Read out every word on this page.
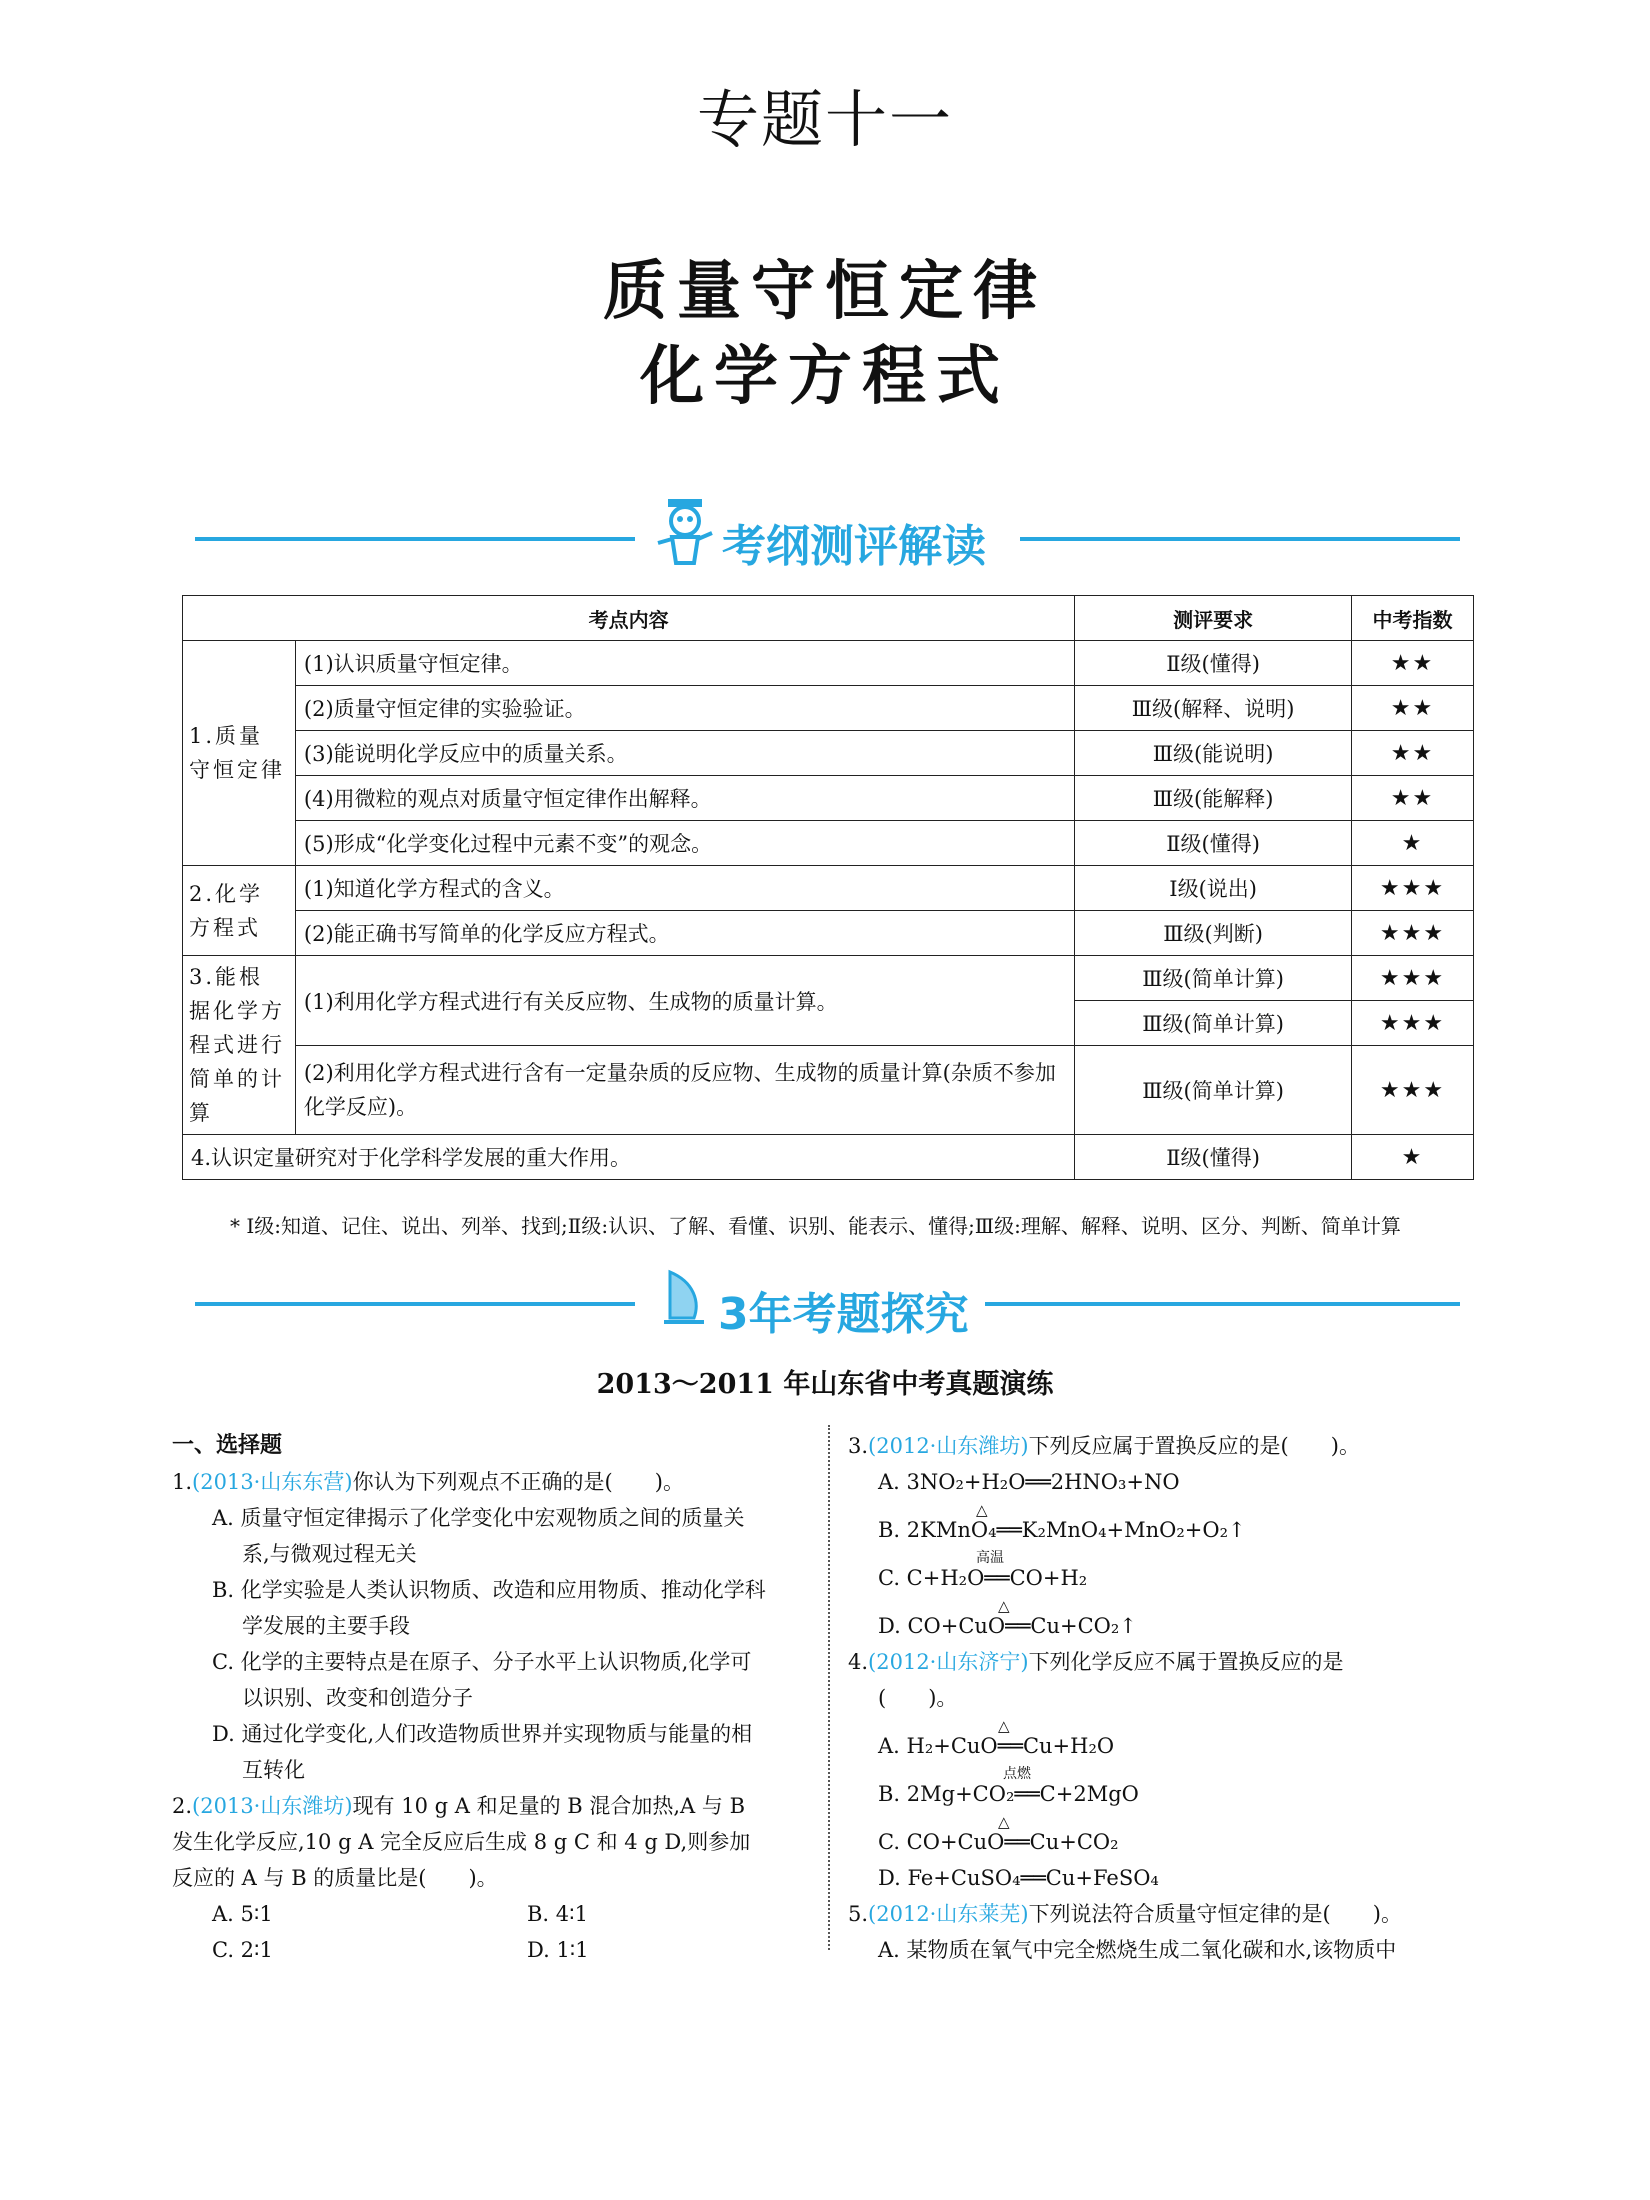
专题十一
质量守恒定律
化学方程式
考纲测评解读
考点内容		测评要求	中考指数
1.质量守恒定律	(1)认识质量守恒定律。	Ⅱ级(懂得)	★★
	(2)质量守恒定律的实验验证。	Ⅲ级(解释、说明)	★★
	(3)能说明化学反应中的质量关系。	Ⅲ级(能说明)	★★
	(4)用微粒的观点对质量守恒定律作出解释。	Ⅲ级(能解释)	★★
	(5)形成“化学变化过程中元素不变”的观念。	Ⅱ级(懂得)	★
2.化学方程式	(1)知道化学方程式的含义。	Ⅰ级(说出)	★★★
	(2)能正确书写简单的化学反应方程式。	Ⅲ级(判断)	★★★
3.能根据化学方程式进行简单的计算	(1)利用化学方程式进行有关反应物、生成物的质量计算。	Ⅲ级(简单计算)	★★★
		Ⅲ级(简单计算)	★★★
	(2)利用化学方程式进行含有一定量杂质的反应物、生成物的质量计算(杂质不参加化学反应)。	Ⅲ级(简单计算)	★★★
4.认识定量研究对于化学科学发展的重大作用。		Ⅱ级(懂得)	★
* Ⅰ级:知道、记住、说出、列举、找到;Ⅱ级:认识、了解、看懂、识别、能表示、懂得;Ⅲ级:理解、解释、说明、区分、判断、简单计算
3年考题探究
2013～2011 年山东省中考真题演练
一、选择题
1.(2013·山东东营)你认为下列观点不正确的是(　　)。
A. 质量守恒定律揭示了化学变化中宏观物质之间的质量关
系,与微观过程无关
B. 化学实验是人类认识物质、改造和应用物质、推动化学科
学发展的主要手段
C. 化学的主要特点是在原子、分子水平上认识物质,化学可
以识别、改变和创造分子
D. 通过化学变化,人们改造物质世界并实现物质与能量的相
互转化
2.(2013·山东潍坊)现有 10 g A 和足量的 B 混合加热,A 与 B
发生化学反应,10 g A 完全反应后生成 8 g C 和 4 g D,则参加
反应的 A 与 B 的质量比是(　　)。
A. 5∶1	B. 4∶1
C. 2∶1	D. 1∶1
3.(2012·山东潍坊)下列反应属于置换反应的是(　　)。
A. 3NO₂+H₂O══2HNO₃+NO
△
B. 2KMnO₄══K₂MnO₄+MnO₂+O₂↑
高温
C. C+H₂O══CO+H₂
△
D. CO+CuO══Cu+CO₂↑
4.(2012·山东济宁)下列化学反应不属于置换反应的是
(　　)。
△
A. H₂+CuO══Cu+H₂O
点燃
B. 2Mg+CO₂══C+2MgO
△
C. CO+CuO══Cu+CO₂
D. Fe+CuSO₄══Cu+FeSO₄
5.(2012·山东莱芜)下列说法符合质量守恒定律的是(　　)。
A. 某物质在氧气中完全燃烧生成二氧化碳和水,该物质中
